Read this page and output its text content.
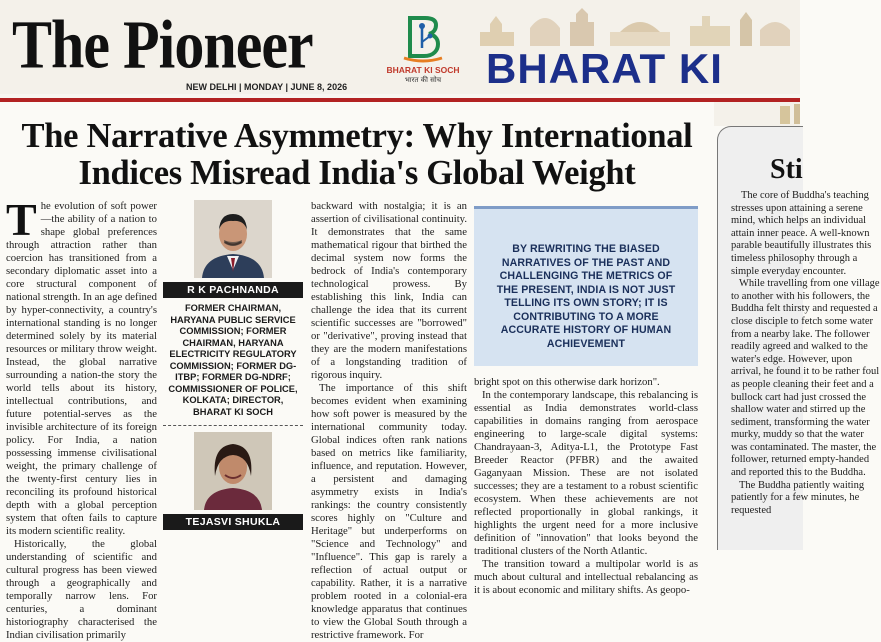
The Pioneer
NEW DELHI | MONDAY | JUNE 8, 2026
BHARAT KI SOCH
भारत की सोच	BHARAT KI
The Narrative Asymmetry: Why International
Indices Misread India's Global Weight

The evolution of soft power—the ability of a nation to shape global preferences through attraction rather than coercion has transitioned from a secondary diplomatic asset into a core structural component of national strength. In an age defined by hyper-connectivity, a country's international standing is no longer determined solely by its material resources or military throw weight. Instead, the global narrative surrounding a nation-the story the world tells about its history, intellectual contributions, and future potential-serves as the invisible architecture of its foreign policy. For India, a nation possessing immense civilisational weight, the primary challenge of the twenty-first century lies in reconciling its profound historical depth with a global perception system that often fails to capture its modern scientific reality.

Historically, the global understanding of scientific and cultural progress has been viewed through a geographically and temporally narrow lens. For centuries, a dominant historiography characterised the Indian civilisation primarily

R K PACHNANDA
FORMER CHAIRMAN, HARYANA PUBLIC SERVICE COMMISSION; FORMER CHAIRMAN, HARYANA ELECTRICITY REGULATORY COMMISSION; FORMER DG-ITBP; FORMER DG-NDRF; COMMISSIONER OF POLICE, KOLKATA; DIRECTOR, BHARAT KI SOCH
TEJASVI SHUKLA

backward with nostalgia; it is an assertion of civilisational continuity. It demonstrates that the same mathematical rigour that birthed the decimal system now forms the bedrock of India's contemporary technological prowess. By establishing this link, India can challenge the idea that its current scientific successes are "borrowed" or "derivative", proving instead that they are the modern manifestations of a longstanding tradition of rigorous inquiry.

The importance of this shift becomes evident when examining how soft power is measured by the international community today. Global indices often rank nations based on metrics like familiarity, influence, and reputation. However, a persistent and damaging asymmetry exists in India's rankings: the country consistently scores highly on "Culture and Heritage" but underperforms on "Science and Technology" and "Influence". This gap is rarely a reflection of actual output or capability. Rather, it is a narrative problem rooted in a colonial-era knowledge apparatus that continues to view the Global South through a restrictive framework. For

BY REWRITING THE BIASED NARRATIVES OF THE PAST AND CHALLENGING THE METRICS OF THE PRESENT, INDIA IS NOT JUST TELLING ITS OWN STORY; IT IS CONTRIBUTING TO A MORE ACCURATE HISTORY OF HUMAN ACHIEVEMENT

bright spot on this otherwise dark horizon".

In the contemporary landscape, this rebalancing is essential as India demonstrates world-class capabilities in domains ranging from aerospace engineering to large-scale digital systems: Chandrayaan-3, Aditya-L1, the Prototype Fast Breeder Reactor (PFBR) and the awaited Gaganyaan Mission. These are not isolated successes; they are a testament to a robust scientific ecosystem. When these achievements are not reflected proportionally in global rankings, it highlights the urgent need for a more inclusive definition of "innovation" that looks beyond the traditional clusters of the North Atlantic.

The transition toward a multipolar world is as much about cultural and intellectual rebalancing as it is about economic and military shifts. As geopo-

Sti

The core of Buddha's teaching stresses upon attaining a serene mind, which helps an individual attain inner peace. A well-known parable beautifully illustrates this timeless philosophy through a simple everyday encounter.

While travelling from one village to another with his followers, the Buddha felt thirsty and requested a close disciple to fetch some water from a nearby lake. The follower readily agreed and walked to the water's edge. However, upon arrival, he found it to be rather foul as people cleaning their feet and a bullock cart had just crossed the shallow water and stirred up the sediment, transforming the water murky, muddy so that the water was contaminated. The master, the follower, returned empty-handed and reported this to the Buddha.

The Buddha patiently waiting patiently for a few minutes, he requested
